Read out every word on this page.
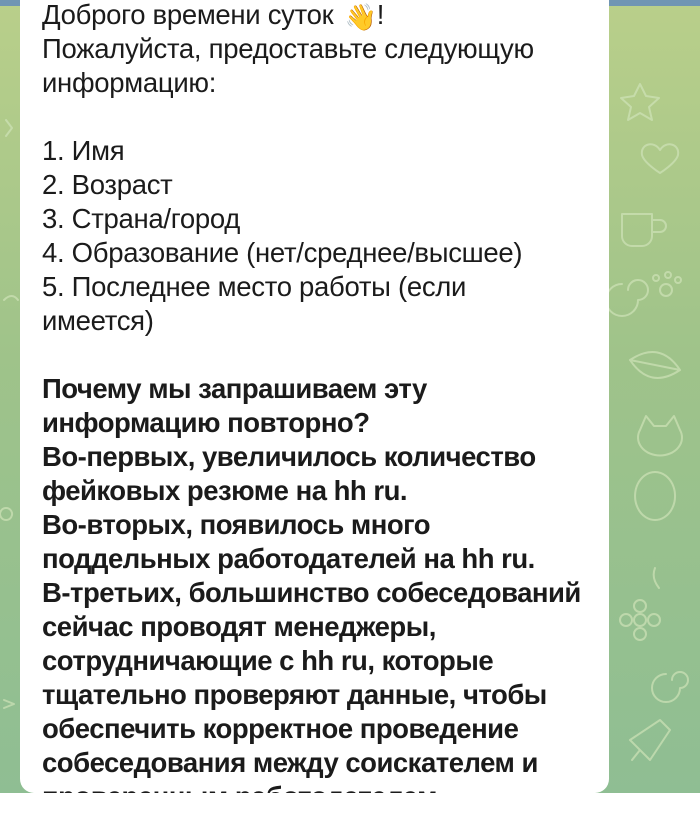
Доброго времени суток 👋!
Пожалуйста, предоставьте следующую
информацию:
1. Имя
2. Возраст
3. Страна/город
4. Образование (нет/среднее/высшее)
5. Последнее место работы (если
имеется)
Почему мы запрашиваем эту
информацию повторно?
Во-первых, увеличилось количество
фейковых резюме на hh ru.
Во-вторых, появилось много
поддельных работодателей на hh ru.
В-третьих, большинство собеседований
сейчас проводят менеджеры,
сотрудничающие с hh ru, которые
тщательно проверяют данные, чтобы
обеспечить корректное проведение
собеседования между соискателем и
